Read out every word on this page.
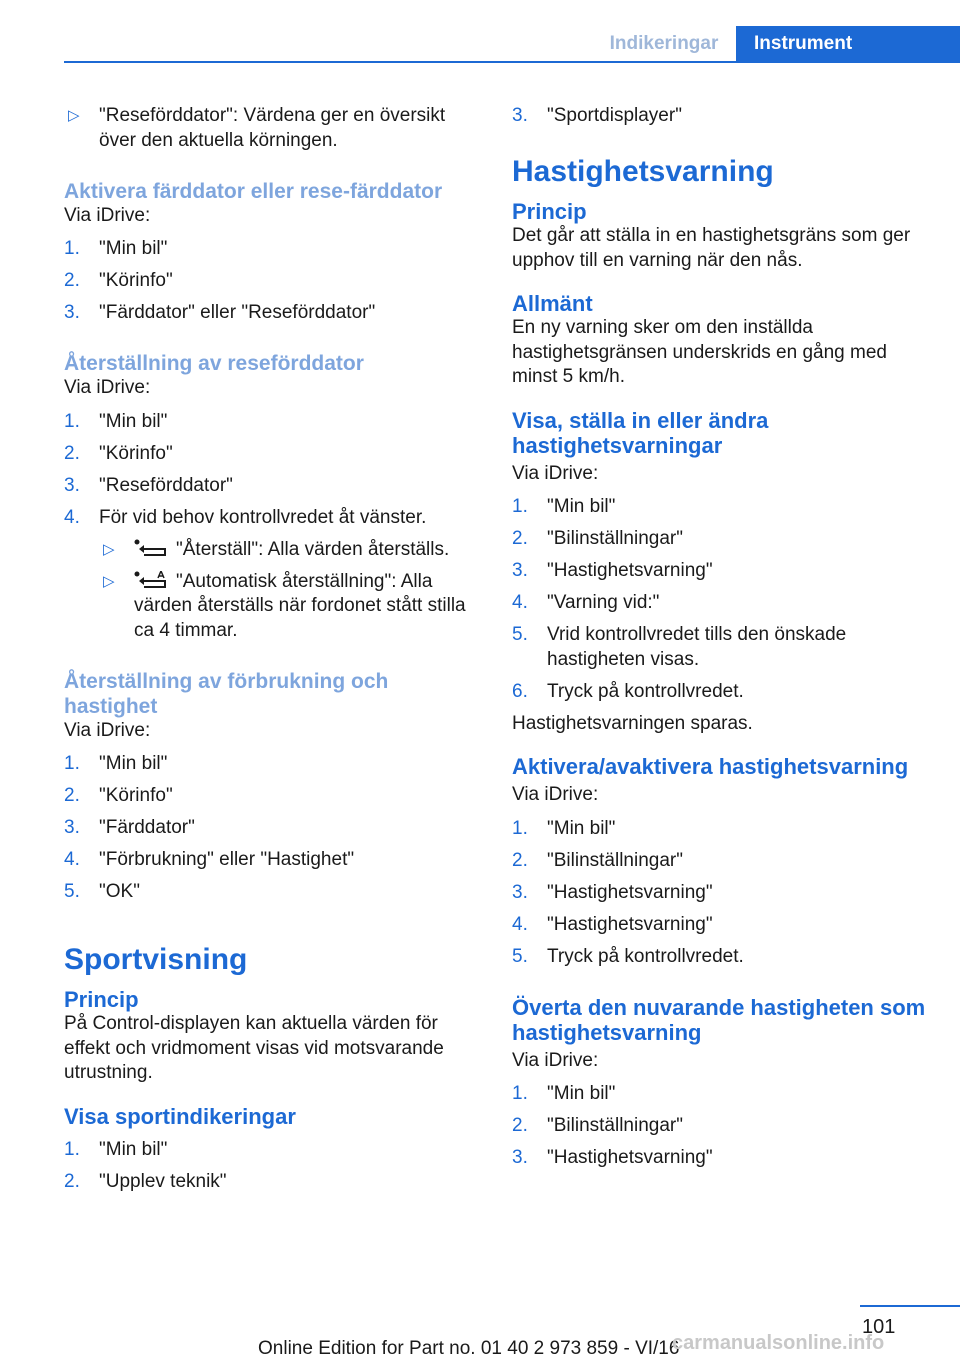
Indikeringar	Instrument
▷ "Reseförddator": Värdena ger en översikt över den aktuella körningen.
Aktivera färddator eller rese-färddator

Via iDrive:

1. "Min bil"
2. "Körinfo"
3. "Färddator" eller "Reseförddator"
Återställning av reseförddator

Via iDrive:

1. "Min bil"
2. "Körinfo"
3. "Reseförddator"
4. För vid behov kontrollvredet åt vänster.
▷	"Återställ": Alla värden återställs.
▷	"Automatisk återställning": Alla värden återställs när fordonet stått stilla ca 4 timmar.
Återställning av förbrukning och hastighet

Via iDrive:

1. "Min bil"
2. "Körinfo"
3. "Färddator"
4. "Förbrukning" eller "Hastighet"
5. "OK"
Sportvisning
Princip

På Control-displayen kan aktuella värden för effekt och vridmoment visas vid motsvarande utrustning.

Visa sportindikeringar
1. "Min bil"
2. "Upplev teknik"
3. "Sportdisplayer"
Hastighetsvarning
Princip

Det går att ställa in en hastighetsgräns som ger upphov till en varning när den nås.

Allmänt

En ny varning sker om den inställda hastighetsgränsen underskrids en gång med minst 5 km/h.

Visa, ställa in eller ändra hastighetsvarningar

Via iDrive:

1. "Min bil"
2. "Bilinställningar"
3. "Hastighetsvarning"
4. "Varning vid:"
5. Vrid kontrollvredet tills den önskade hastigheten visas.
6. Tryck på kontrollvredet.

Hastighetsvarningen sparas.

Aktivera/avaktivera hastighetsvarning

Via iDrive:

1. "Min bil"
2. "Bilinställningar"
3. "Hastighetsvarning"
4. "Hastighetsvarning"
5. Tryck på kontrollvredet.
Överta den nuvarande hastigheten som hastighetsvarning

Via iDrive:

1. "Min bil"
2. "Bilinställningar"
3. "Hastighetsvarning"
101
Online Edition for Part no. 01 40 2 973 859 - VI/16
carmanualsonline.info
